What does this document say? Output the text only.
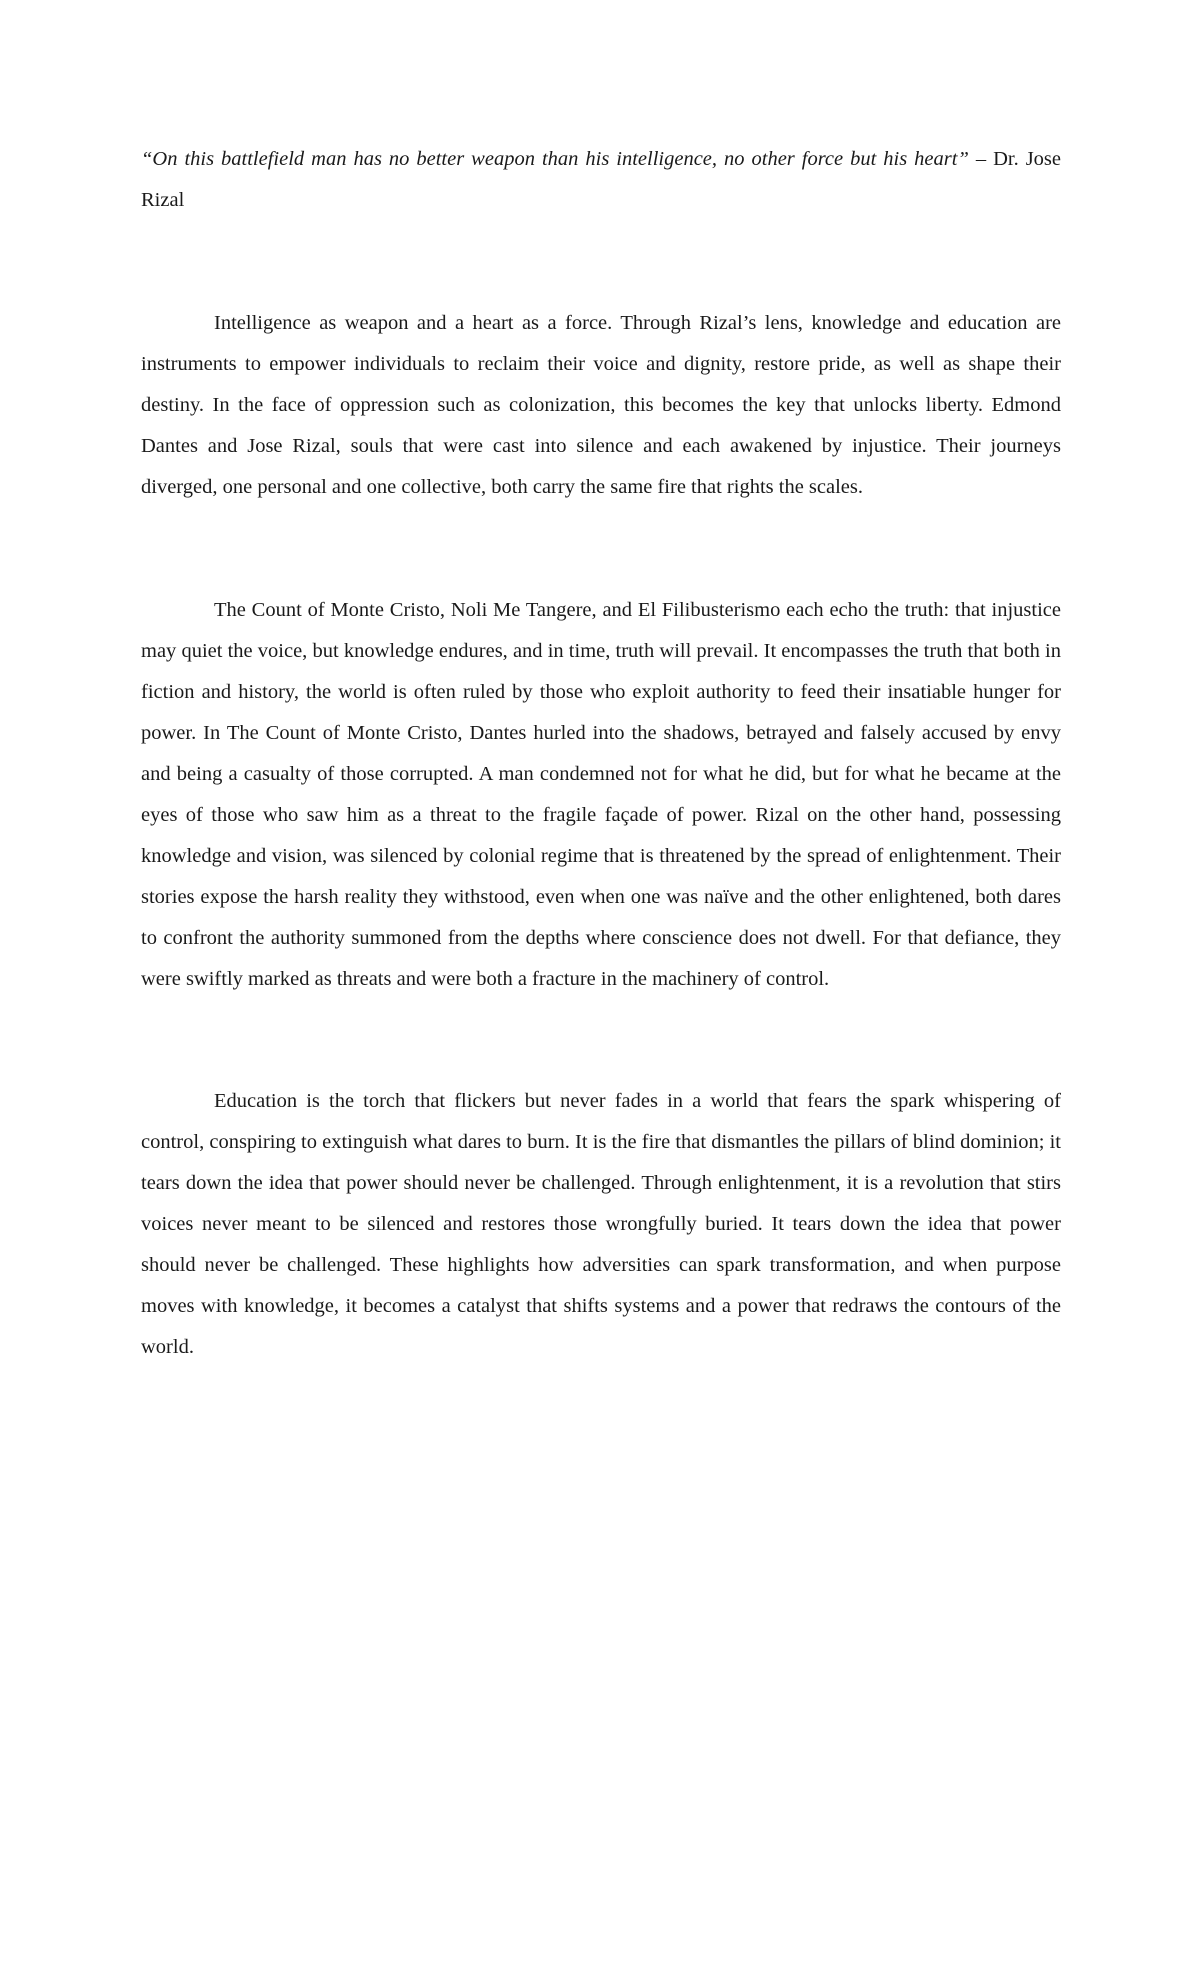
“On this battlefield man has no better weapon than his intelligence, no other force but his heart” – Dr. Jose Rizal

Intelligence as weapon and a heart as a force. Through Rizal’s lens, knowledge and education are instruments to empower individuals to reclaim their voice and dignity, restore pride, as well as shape their destiny. In the face of oppression such as colonization, this becomes the key that unlocks liberty. Edmond Dantes and Jose Rizal, souls that were cast into silence and each awakened by injustice. Their journeys diverged, one personal and one collective, both carry the same fire that rights the scales.

The Count of Monte Cristo, Noli Me Tangere, and El Filibusterismo each echo the truth: that injustice may quiet the voice, but knowledge endures, and in time, truth will prevail. It encompasses the truth that both in fiction and history, the world is often ruled by those who exploit authority to feed their insatiable hunger for power. In The Count of Monte Cristo, Dantes hurled into the shadows, betrayed and falsely accused by envy and being a casualty of those corrupted. A man condemned not for what he did, but for what he became at the eyes of those who saw him as a threat to the fragile façade of power. Rizal on the other hand, possessing knowledge and vision, was silenced by colonial regime that is threatened by the spread of enlightenment. Their stories expose the harsh reality they withstood, even when one was naïve and the other enlightened, both dares to confront the authority summoned from the depths where conscience does not dwell. For that defiance, they were swiftly marked as threats and were both a fracture in the machinery of control.

Education is the torch that flickers but never fades in a world that fears the spark whispering of control, conspiring to extinguish what dares to burn. It is the fire that dismantles the pillars of blind dominion; it tears down the idea that power should never be challenged. Through enlightenment, it is a revolution that stirs voices never meant to be silenced and restores those wrongfully buried. It tears down the idea that power should never be challenged. These highlights how adversities can spark transformation, and when purpose moves with knowledge, it becomes a catalyst that shifts systems and a power that redraws the contours of the world.
